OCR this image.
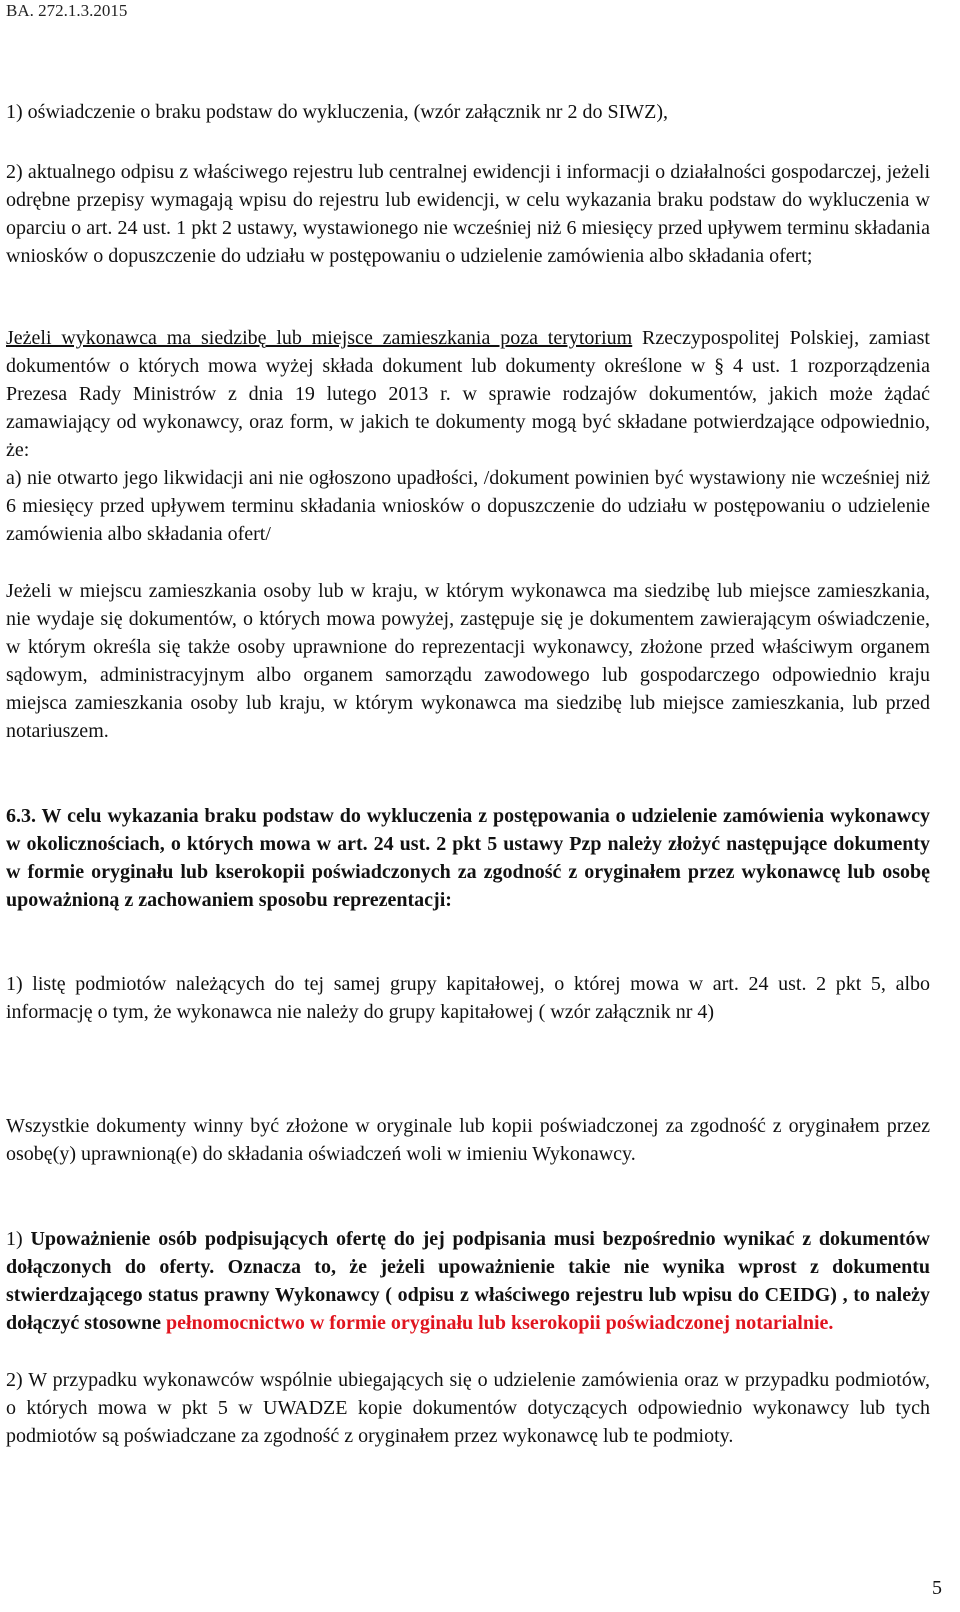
BA. 272.1.3.2015

1) oświadczenie o braku podstaw do wykluczenia, (wzór załącznik nr 2 do SIWZ),

2) aktualnego odpisu z właściwego rejestru lub centralnej ewidencji i informacji o działalności gospodarczej, jeżeli odrębne przepisy wymagają wpisu do rejestru lub ewidencji, w celu wykazania braku podstaw do wykluczenia w oparciu o art. 24 ust. 1 pkt 2 ustawy, wystawionego nie wcześniej niż 6 miesięcy przed upływem terminu składania wniosków o dopuszczenie do udziału w postępowaniu o udzielenie zamówienia albo składania ofert;

Jeżeli wykonawca ma siedzibę lub miejsce zamieszkania poza terytorium Rzeczypospolitej Polskiej, zamiast dokumentów o których mowa wyżej składa dokument lub dokumenty określone w § 4 ust. 1 rozporządzenia Prezesa Rady Ministrów z dnia 19 lutego 2013 r. w sprawie rodzajów dokumentów, jakich może żądać zamawiający od wykonawcy, oraz form, w jakich te dokumenty mogą być składane potwierdzające odpowiednio, że:
a) nie otwarto jego likwidacji ani nie ogłoszono upadłości, /dokument powinien być wystawiony nie wcześniej niż 6 miesięcy przed upływem terminu składania wniosków o dopuszczenie do udziału w postępowaniu o udzielenie zamówienia albo składania ofert/

Jeżeli w miejscu zamieszkania osoby lub w kraju, w którym wykonawca ma siedzibę lub miejsce zamieszkania, nie wydaje się dokumentów, o których mowa powyżej, zastępuje się je dokumentem zawierającym oświadczenie, w którym określa się także osoby uprawnione do reprezentacji wykonawcy, złożone przed właściwym organem sądowym, administracyjnym albo organem samorządu zawodowego lub gospodarczego odpowiednio kraju miejsca zamieszkania osoby lub kraju, w którym wykonawca ma siedzibę lub miejsce zamieszkania, lub przed notariuszem.

6.3. W celu wykazania braku podstaw do wykluczenia z postępowania o udzielenie zamówienia wykonawcy w okolicznościach, o których mowa w art. 24 ust. 2 pkt 5 ustawy Pzp należy złożyć następujące dokumenty w formie oryginału lub kserokopii poświadczonych za zgodność z oryginałem przez wykonawcę lub osobę upoważnioną z zachowaniem sposobu reprezentacji:

1) listę podmiotów należących do tej samej grupy kapitałowej, o której mowa w art. 24 ust. 2 pkt 5, albo informację o tym, że wykonawca nie należy do grupy kapitałowej ( wzór załącznik nr 4)

Wszystkie dokumenty winny być złożone w oryginale lub kopii poświadczonej za zgodność z oryginałem przez osobę(y) uprawnioną(e) do składania oświadczeń woli w imieniu Wykonawcy.

1) Upoważnienie osób podpisujących ofertę do jej podpisania musi bezpośrednio wynikać z dokumentów dołączonych do oferty. Oznacza to, że jeżeli upoważnienie takie nie wynika wprost z dokumentu stwierdzającego status prawny Wykonawcy ( odpisu z właściwego rejestru lub wpisu do CEIDG) , to należy dołączyć stosowne pełnomocnictwo w formie oryginału lub kserokopii poświadczonej notarialnie.

2) W przypadku wykonawców wspólnie ubiegających się o udzielenie zamówienia oraz w przypadku podmiotów, o których mowa w pkt 5 w UWADZE kopie dokumentów dotyczących odpowiednio wykonawcy lub tych podmiotów są poświadczane za zgodność z oryginałem przez wykonawcę lub te podmioty.

5
